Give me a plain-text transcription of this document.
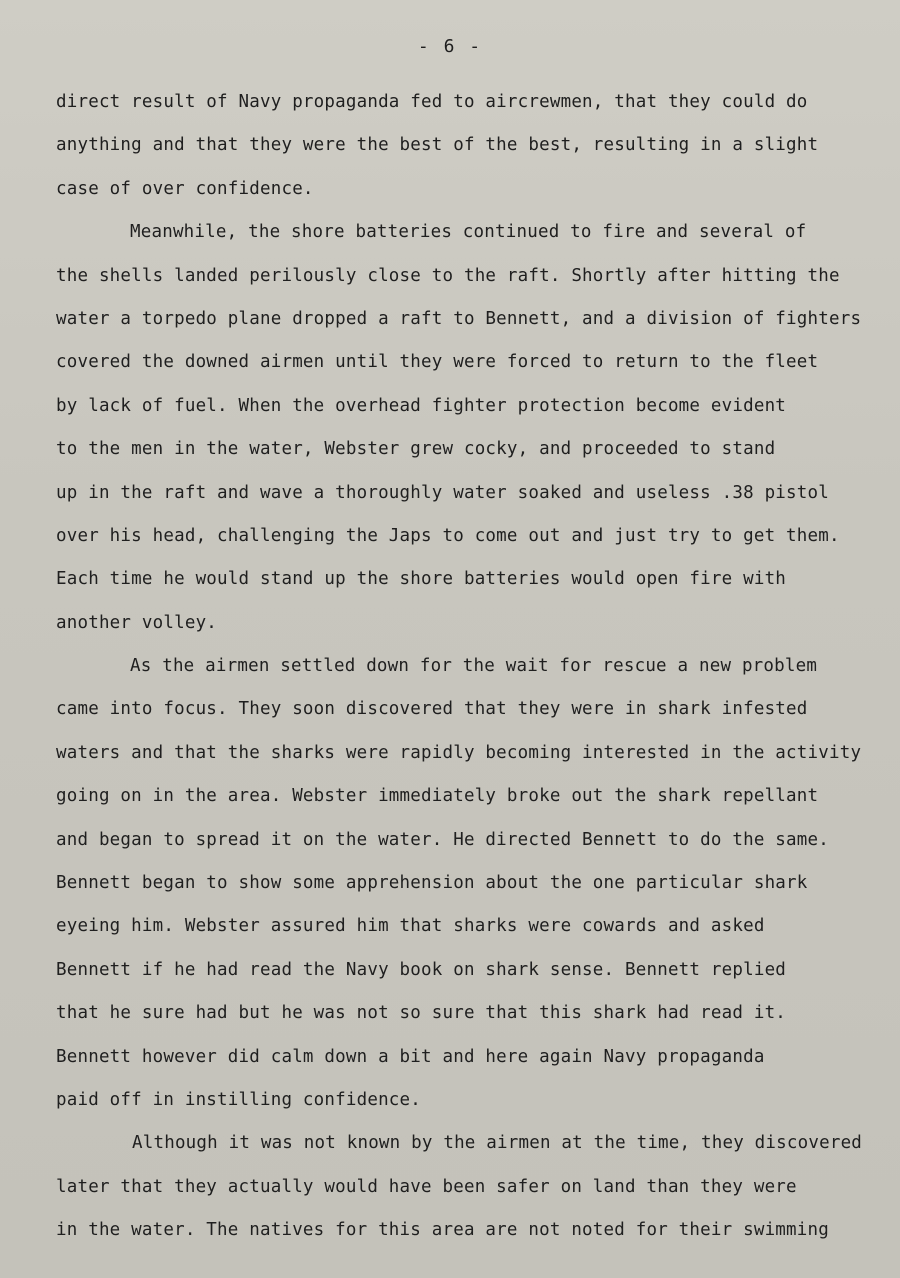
- 6 -
direct result of Navy propaganda fed to aircrewmen, that they could do
anything and that they were the best of the best, resulting in a slight
case of over confidence.
Meanwhile, the shore batteries continued to fire and several of
the shells landed perilously close to the raft. Shortly after hitting the
water a torpedo plane dropped a raft to Bennett, and a division of fighters
covered the downed airmen until they were forced to return to the fleet
by lack of fuel. When the overhead fighter protection become evident
to the men in the water, Webster grew cocky, and proceeded to stand
up in the raft and wave a thoroughly water soaked and useless .38 pistol
over his head, challenging the Japs to come out and just try to get them.
Each time he would stand up the shore batteries would open fire with
another volley.
As the airmen settled down for the wait for rescue a new problem
came into focus. They soon discovered that they were in shark infested
waters and that the sharks were rapidly becoming interested in the activity
going on in the area. Webster immediately broke out the shark repellant
and began to spread it on the water. He directed Bennett to do the same.
Bennett began to show some apprehension about the one particular shark
eyeing him. Webster assured him that sharks were cowards and asked
Bennett if he had read the Navy book on shark sense. Bennett replied
that he sure had but he was not so sure that this shark had read it.
Bennett however did calm down a bit and here again Navy propaganda
paid off in instilling confidence.
Although it was not known by the airmen at the time, they discovered
later that they actually would have been safer on land than they were
in the water. The natives for this area are not noted for their swimming
